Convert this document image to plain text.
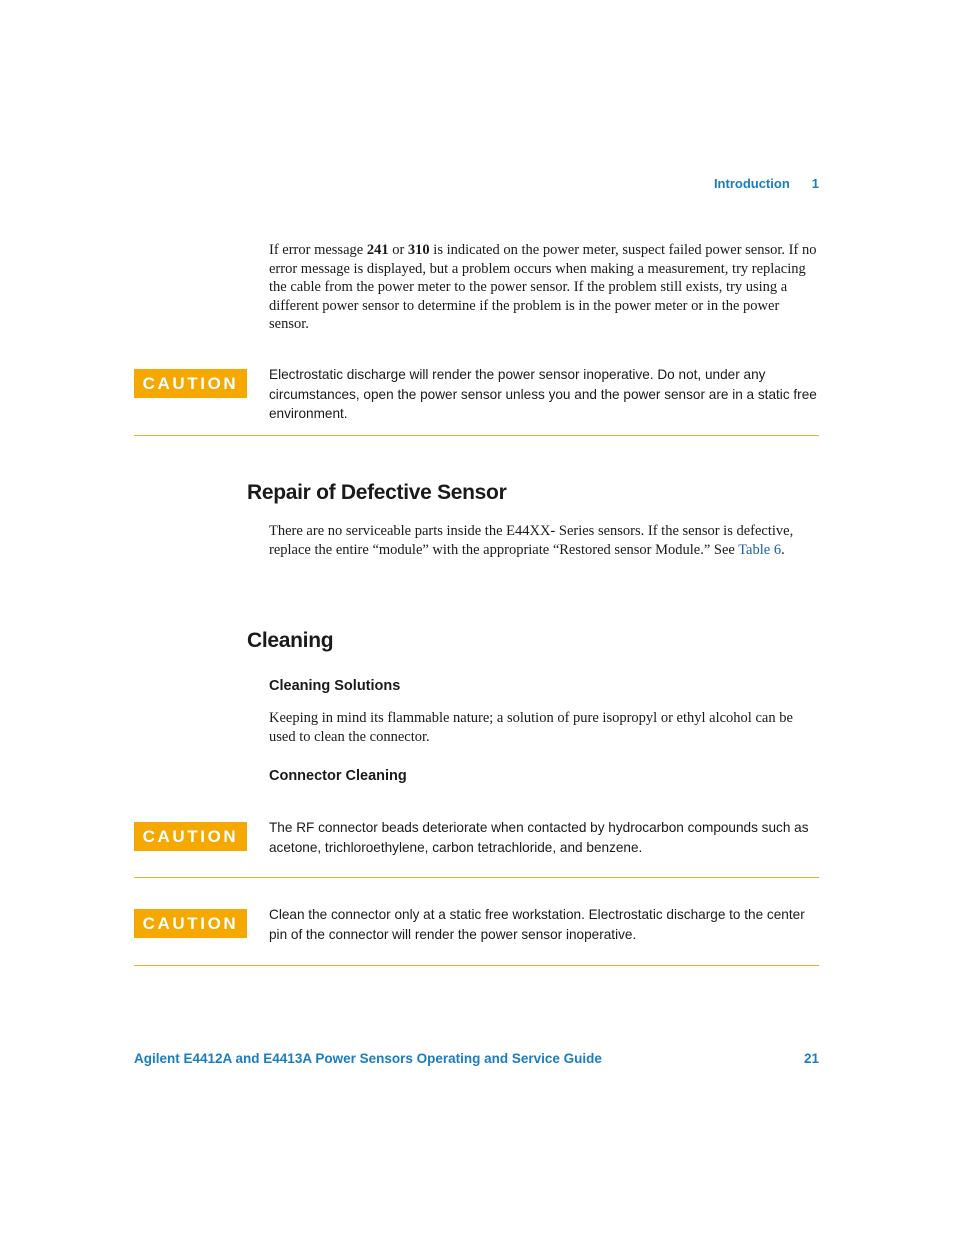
Introduction 1
If error message 241 or 310 is indicated on the power meter, suspect failed power sensor. If no error message is displayed, but a problem occurs when making a measurement, try replacing the cable from the power meter to the power sensor. If the problem still exists, try using a different power sensor to determine if the problem is in the power meter or in the power sensor.
CAUTION	Electrostatic discharge will render the power sensor inoperative. Do not, under any circumstances, open the power sensor unless you and the power sensor are in a static free environment.
Repair of Defective Sensor
There are no serviceable parts inside the E44XX- Series sensors. If the sensor is defective, replace the entire “module” with the appropriate “Restored sensor Module.” See Table 6.
Cleaning
Cleaning Solutions
Keeping in mind its flammable nature; a solution of pure isopropyl or ethyl alcohol can be used to clean the connector.
Connector Cleaning
CAUTION	The RF connector beads deteriorate when contacted by hydrocarbon compounds such as acetone, trichloroethylene, carbon tetrachloride, and benzene.
CAUTION	Clean the connector only at a static free workstation. Electrostatic discharge to the center pin of the connector will render the power sensor inoperative.
Agilent E4412A and E4413A Power Sensors Operating and Service Guide	21
